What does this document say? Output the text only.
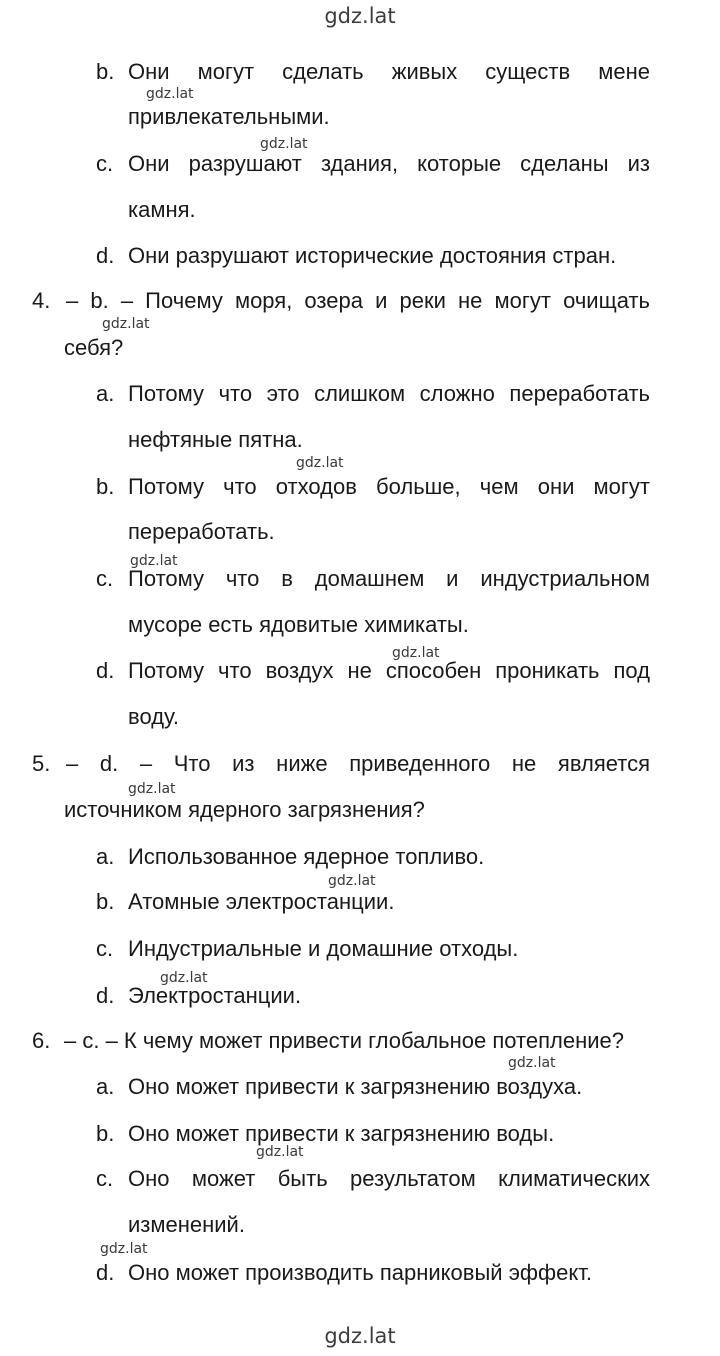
gdz.lat
b. Они могут сделать живых существ мене
привлекательными.
c. Они разрушают здания, которые сделаны из
камня.
d. Они разрушают исторические достояния стран.
4. – b. – Почему моря, озера и реки не могут очищать
себя?
a. Потому что это слишком сложно переработать
нефтяные пятна.
b. Потому что отходов больше, чем они могут
переработать.
c. Потому что в домашнем и индустриальном
мусоре есть ядовитые химикаты.
d. Потому что воздух не способен проникать под
воду.
5. – d. – Что из ниже приведенного не является
источником ядерного загрязнения?
a. Использованное ядерное топливо.
b. Атомные электростанции.
c. Индустриальные и домашние отходы.
d. Электростанции.
6. – c. – К чему может привести глобальное потепление?
a. Оно может привести к загрязнению воздуха.
b. Оно может привести к загрязнению воды.
c. Оно может быть результатом климатических
изменений.
d. Оно может производить парниковый эффект.
gdz.lat
gdz.lat
gdz.lat
gdz.lat
gdz.lat
gdz.lat
gdz.lat
gdz.lat
gdz.lat
gdz.lat
gdz.lat
gdz.lat
gdz.lat
